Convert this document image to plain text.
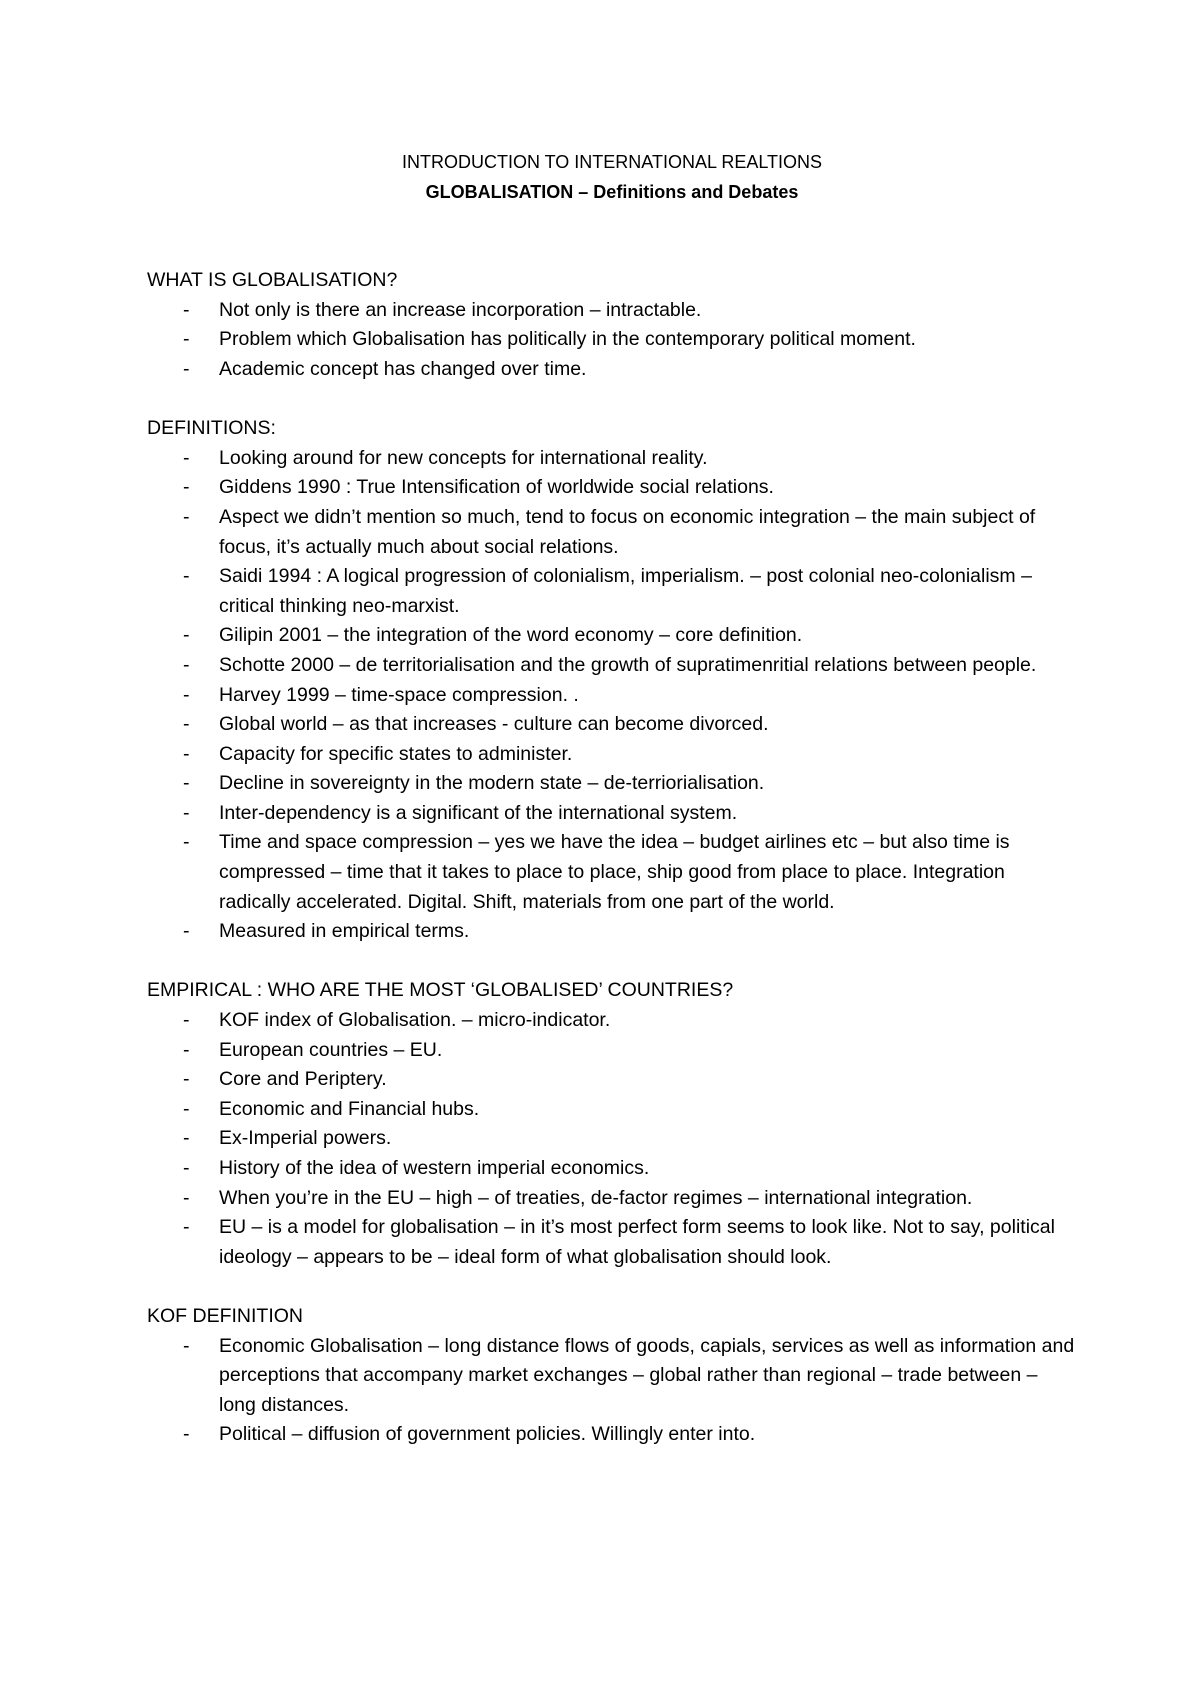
INTRODUCTION TO INTERNATIONAL REALTIONS
GLOBALISATION – Definitions and Debates
WHAT IS GLOBALISATION?
- Not only is there an increase incorporation – intractable.
- Problem which Globalisation has politically in the contemporary political moment.
- Academic concept has changed over time.
DEFINITIONS:
- Looking around for new concepts for international reality.
- Giddens 1990 : True Intensification of worldwide social relations.
- Aspect we didn’t mention so much, tend to focus on economic integration – the main subject of focus, it’s actually much about social relations.
- Saidi 1994 : A logical progression of colonialism, imperialism. – post colonial neo-colonialism – critical thinking neo-marxist.
- Gilipin 2001 – the integration of the word economy – core definition.
- Schotte 2000 – de territorialisation and the growth of supratimenritial relations between people.
- Harvey 1999 – time-space compression. .
- Global world – as that increases - culture can become divorced.
- Capacity for specific states to administer.
- Decline in sovereignty in the modern state – de-terriorialisation.
- Inter-dependency is a significant of the international system.
- Time and space compression – yes we have the idea – budget airlines etc – but also time is compressed – time that it takes to place to place, ship good from place to place. Integration radically accelerated. Digital. Shift, materials from one part of the world.
- Measured in empirical terms.
EMPIRICAL : WHO ARE THE MOST ‘GLOBALISED’ COUNTRIES?
- KOF index of Globalisation. – micro-indicator.
- European countries – EU.
- Core and Periptery.
- Economic and Financial hubs.
- Ex-Imperial powers.
- History of the idea of western imperial economics.
- When you’re in the EU – high – of treaties, de-factor regimes – international integration.
- EU – is a model for globalisation – in it’s most perfect form seems to look like. Not to say, political ideology – appears to be – ideal form of what globalisation should look.
KOF DEFINITION
- Economic Globalisation – long distance flows of goods, capials, services as well as information and perceptions that accompany market exchanges – global rather than regional – trade between – long distances.
- Political – diffusion of government policies. Willingly enter into.
